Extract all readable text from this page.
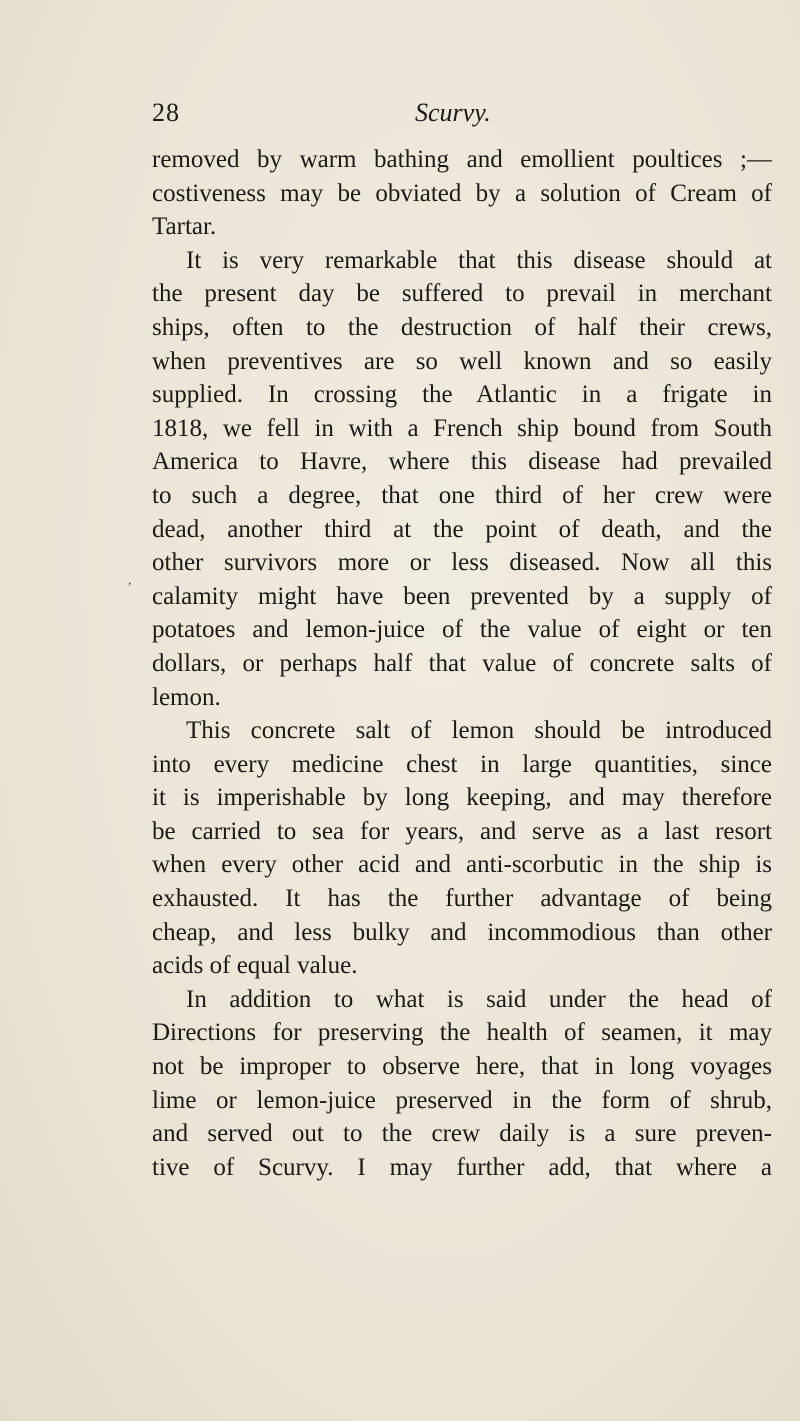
28	Scurvy.
,
removed by warm bathing and emollient poultices ;—
costiveness may be obviated by a solution of Cream of
Tartar.
It is very remarkable that this disease should at
the present day be suffered to prevail in merchant
ships, often to the destruction of half their crews,
when preventives are so well known and so easily
supplied. In crossing the Atlantic in a frigate in
1818, we fell in with a French ship bound from South
America to Havre, where this disease had prevailed
to such a degree, that one third of her crew were
dead, another third at the point of death, and the
other survivors more or less diseased. Now all this
calamity might have been prevented by a supply of
potatoes and lemon-juice of the value of eight or ten
dollars, or perhaps half that value of concrete salts of
lemon.
This concrete salt of lemon should be introduced
into every medicine chest in large quantities, since
it is imperishable by long keeping, and may therefore
be carried to sea for years, and serve as a last resort
when every other acid and anti-scorbutic in the ship is
exhausted. It has the further advantage of being
cheap, and less bulky and incommodious than other
acids of equal value.
In addition to what is said under the head of
Directions for preserving the health of seamen, it may
not be improper to observe here, that in long voyages
lime or lemon-juice preserved in the form of shrub,
and served out to the crew daily is a sure preven-
tive of Scurvy. I may further add, that where a
